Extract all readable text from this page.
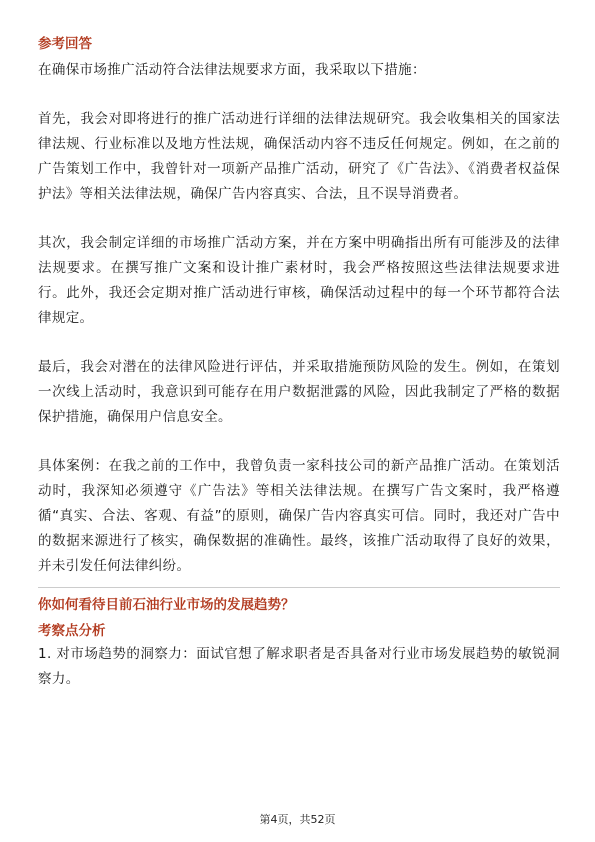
参考回答

在确保市场推广活动符合法律法规要求方面，我采取以下措施：

首先，我会对即将进行的推广活动进行详细的法律法规研究。我会收集相关的国家法律法规、行业标准以及地方性法规，确保活动内容不违反任何规定。例如，在之前的广告策划工作中，我曾针对一项新产品推广活动，研究了《广告法》、《消费者权益保护法》等相关法律法规，确保广告内容真实、合法，且不误导消费者。

其次，我会制定详细的市场推广活动方案，并在方案中明确指出所有可能涉及的法律法规要求。在撰写推广文案和设计推广素材时，我会严格按照这些法律法规要求进行。此外，我还会定期对推广活动进行审核，确保活动过程中的每一个环节都符合法律规定。

最后，我会对潜在的法律风险进行评估，并采取措施预防风险的发生。例如，在策划一次线上活动时，我意识到可能存在用户数据泄露的风险，因此我制定了严格的数据保护措施，确保用户信息安全。

具体案例：在我之前的工作中，我曾负责一家科技公司的新产品推广活动。在策划活动时，我深知必须遵守《广告法》等相关法律法规。在撰写广告文案时，我严格遵循“真实、合法、客观、有益”的原则，确保广告内容真实可信。同时，我还对广告中的数据来源进行了核实，确保数据的准确性。最终，该推广活动取得了良好的效果，并未引发任何法律纠纷。

你如何看待目前石油行业市场的发展趋势？
考察点分析

1. 对市场趋势的洞察力：面试官想了解求职者是否具备对行业市场发展趋势的敏锐洞察力。

第4页，共52页
